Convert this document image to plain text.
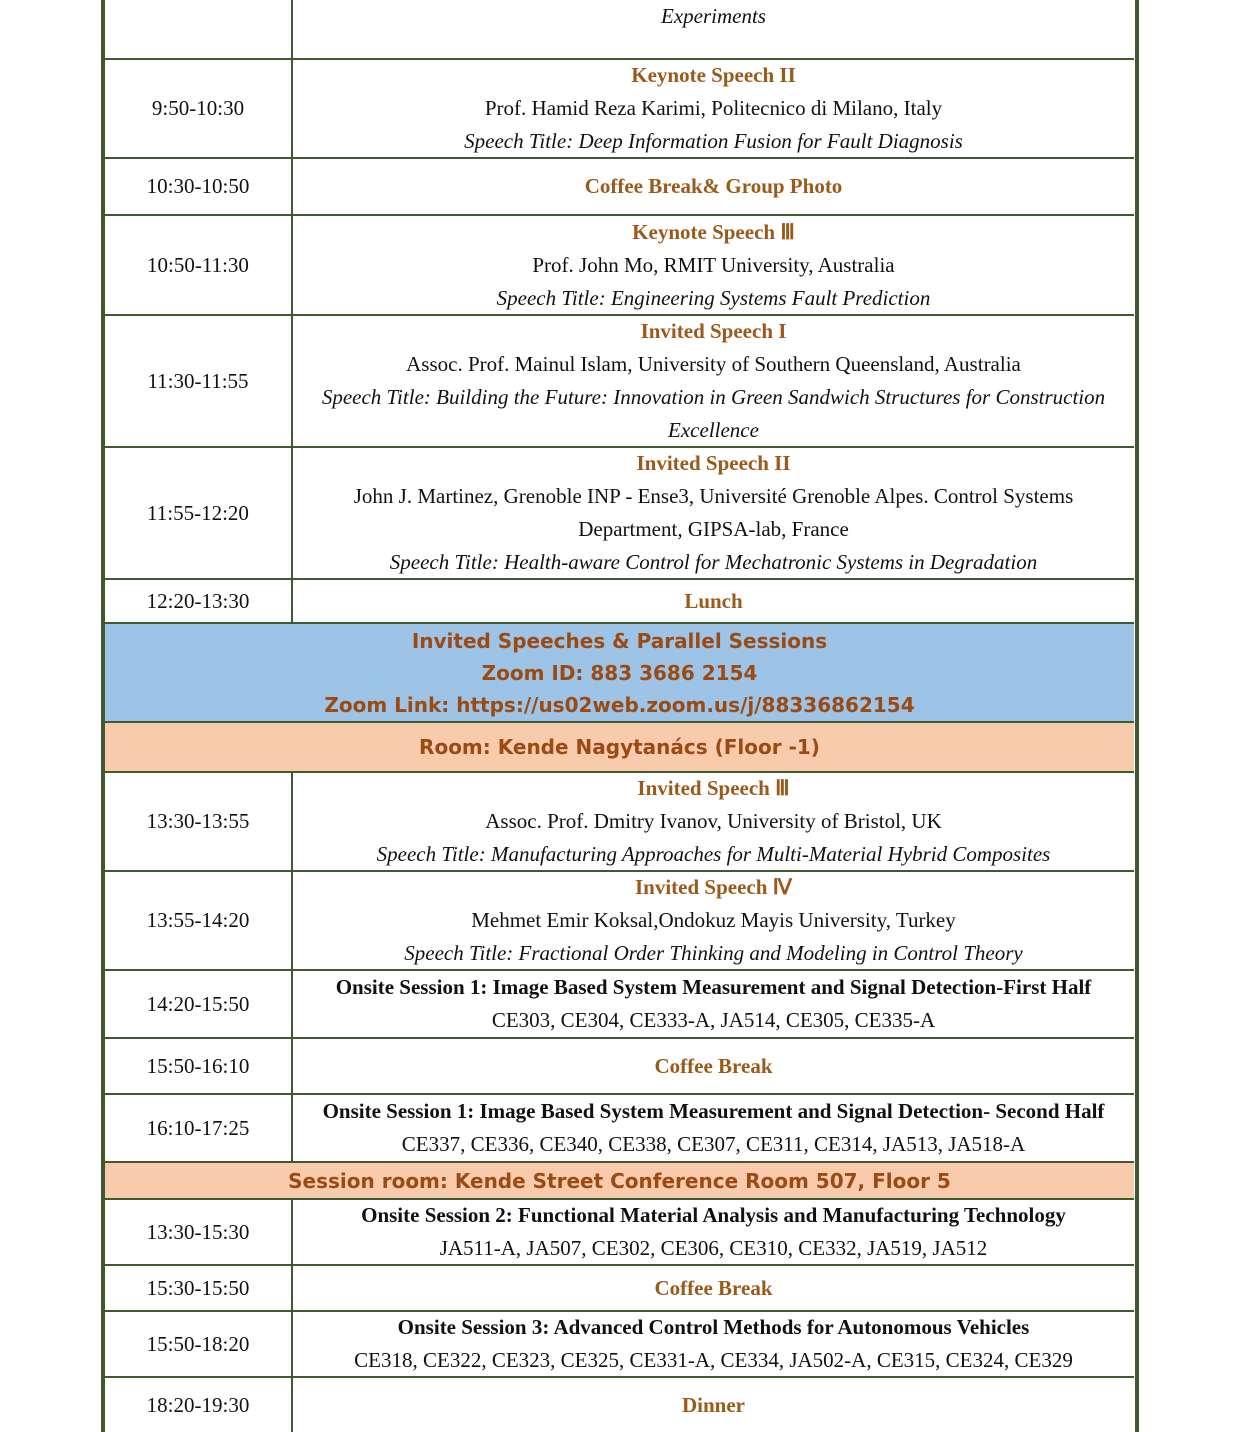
Experiments
9:50-10:30
Keynote Speech II
Prof. Hamid Reza Karimi, Politecnico di Milano, Italy
Speech Title: Deep Information Fusion for Fault Diagnosis
10:30-10:50	Coffee Break& Group Photo
10:50-11:30
Keynote Speech Ⅲ
Prof. John Mo, RMIT University, Australia
Speech Title: Engineering Systems Fault Prediction
11:30-11:55
Invited Speech I
Assoc. Prof. Mainul Islam, University of Southern Queensland, Australia
Speech Title: Building the Future: Innovation in Green Sandwich Structures for Construction
Excellence
11:55-12:20
Invited Speech II
John J. Martinez, Grenoble INP - Ense3, Université Grenoble Alpes. Control Systems
Department, GIPSA-lab, France
Speech Title: Health-aware Control for Mechatronic Systems in Degradation
12:20-13:30	Lunch
Invited Speeches & Parallel Sessions
Zoom ID: 883 3686 2154
Zoom Link: https://us02web.zoom.us/j/88336862154
Room: Kende Nagytanács (Floor -1)
13:30-13:55
Invited Speech Ⅲ
Assoc. Prof. Dmitry Ivanov, University of Bristol, UK
Speech Title: Manufacturing Approaches for Multi-Material Hybrid Composites
13:55-14:20
Invited Speech Ⅳ
Mehmet Emir Koksal,Ondokuz Mayis University, Turkey
Speech Title: Fractional Order Thinking and Modeling in Control Theory
14:20-15:50
Onsite Session 1: Image Based System Measurement and Signal Detection-First Half
CE303, CE304, CE333-A, JA514, CE305, CE335-A
15:50-16:10	Coffee Break
16:10-17:25
Onsite Session 1: Image Based System Measurement and Signal Detection- Second Half
CE337, CE336, CE340, CE338, CE307, CE311, CE314, JA513, JA518-A
Session room: Kende Street Conference Room 507, Floor 5
13:30-15:30
Onsite Session 2: Functional Material Analysis and Manufacturing Technology
JA511-A, JA507, CE302, CE306, CE310, CE332, JA519, JA512
15:30-15:50	Coffee Break
15:50-18:20
Onsite Session 3: Advanced Control Methods for Autonomous Vehicles
CE318, CE322, CE323, CE325, CE331-A, CE334, JA502-A, CE315, CE324, CE329
18:20-19:30	Dinner
